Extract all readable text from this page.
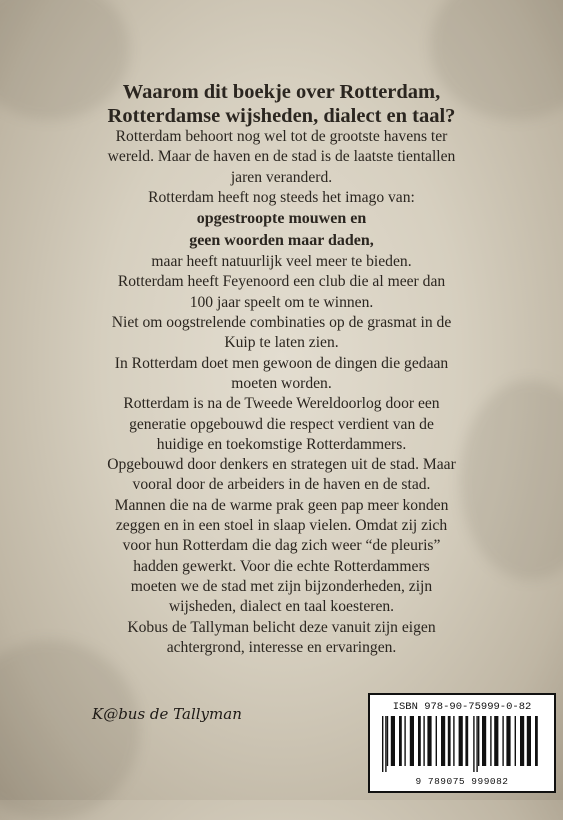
Waarom dit boekje over Rotterdam,
Rotterdamse wijsheden, dialect en taal?
Rotterdam behoort nog wel tot de grootste havens ter
wereld. Maar de haven en de stad is de laatste tientallen
jaren veranderd.
Rotterdam heeft nog steeds het imago van:
opgestroopte mouwen en
geen woorden maar daden,
maar heeft natuurlijk veel meer te bieden.
Rotterdam heeft Feyenoord een club die al meer dan
100 jaar speelt om te winnen.
Niet om oogstrelende combinaties op de grasmat in de
Kuip te laten zien.
In Rotterdam doet men gewoon de dingen die gedaan
moeten worden.
Rotterdam is na de Tweede Wereldoorlog door een
generatie opgebouwd die respect verdient van de
huidige en toekomstige Rotterdammers.
Opgebouwd door denkers en strategen uit de stad. Maar
vooral door de arbeiders in de haven en de stad.
Mannen die na de warme prak geen pap meer konden
zeggen en in een stoel in slaap vielen. Omdat zij zich
voor hun Rotterdam die dag zich weer “de pleuris”
hadden gewerkt. Voor die echte Rotterdammers
moeten we de stad met zijn bijzonderheden, zijn
wijsheden, dialect en taal koesteren.
Kobus de Tallyman belicht deze vanuit zijn eigen
achtergrond, interesse en ervaringen.
K@bus de Tallyman	ISBN 978-90-75999-0-82
9 789075 999082
